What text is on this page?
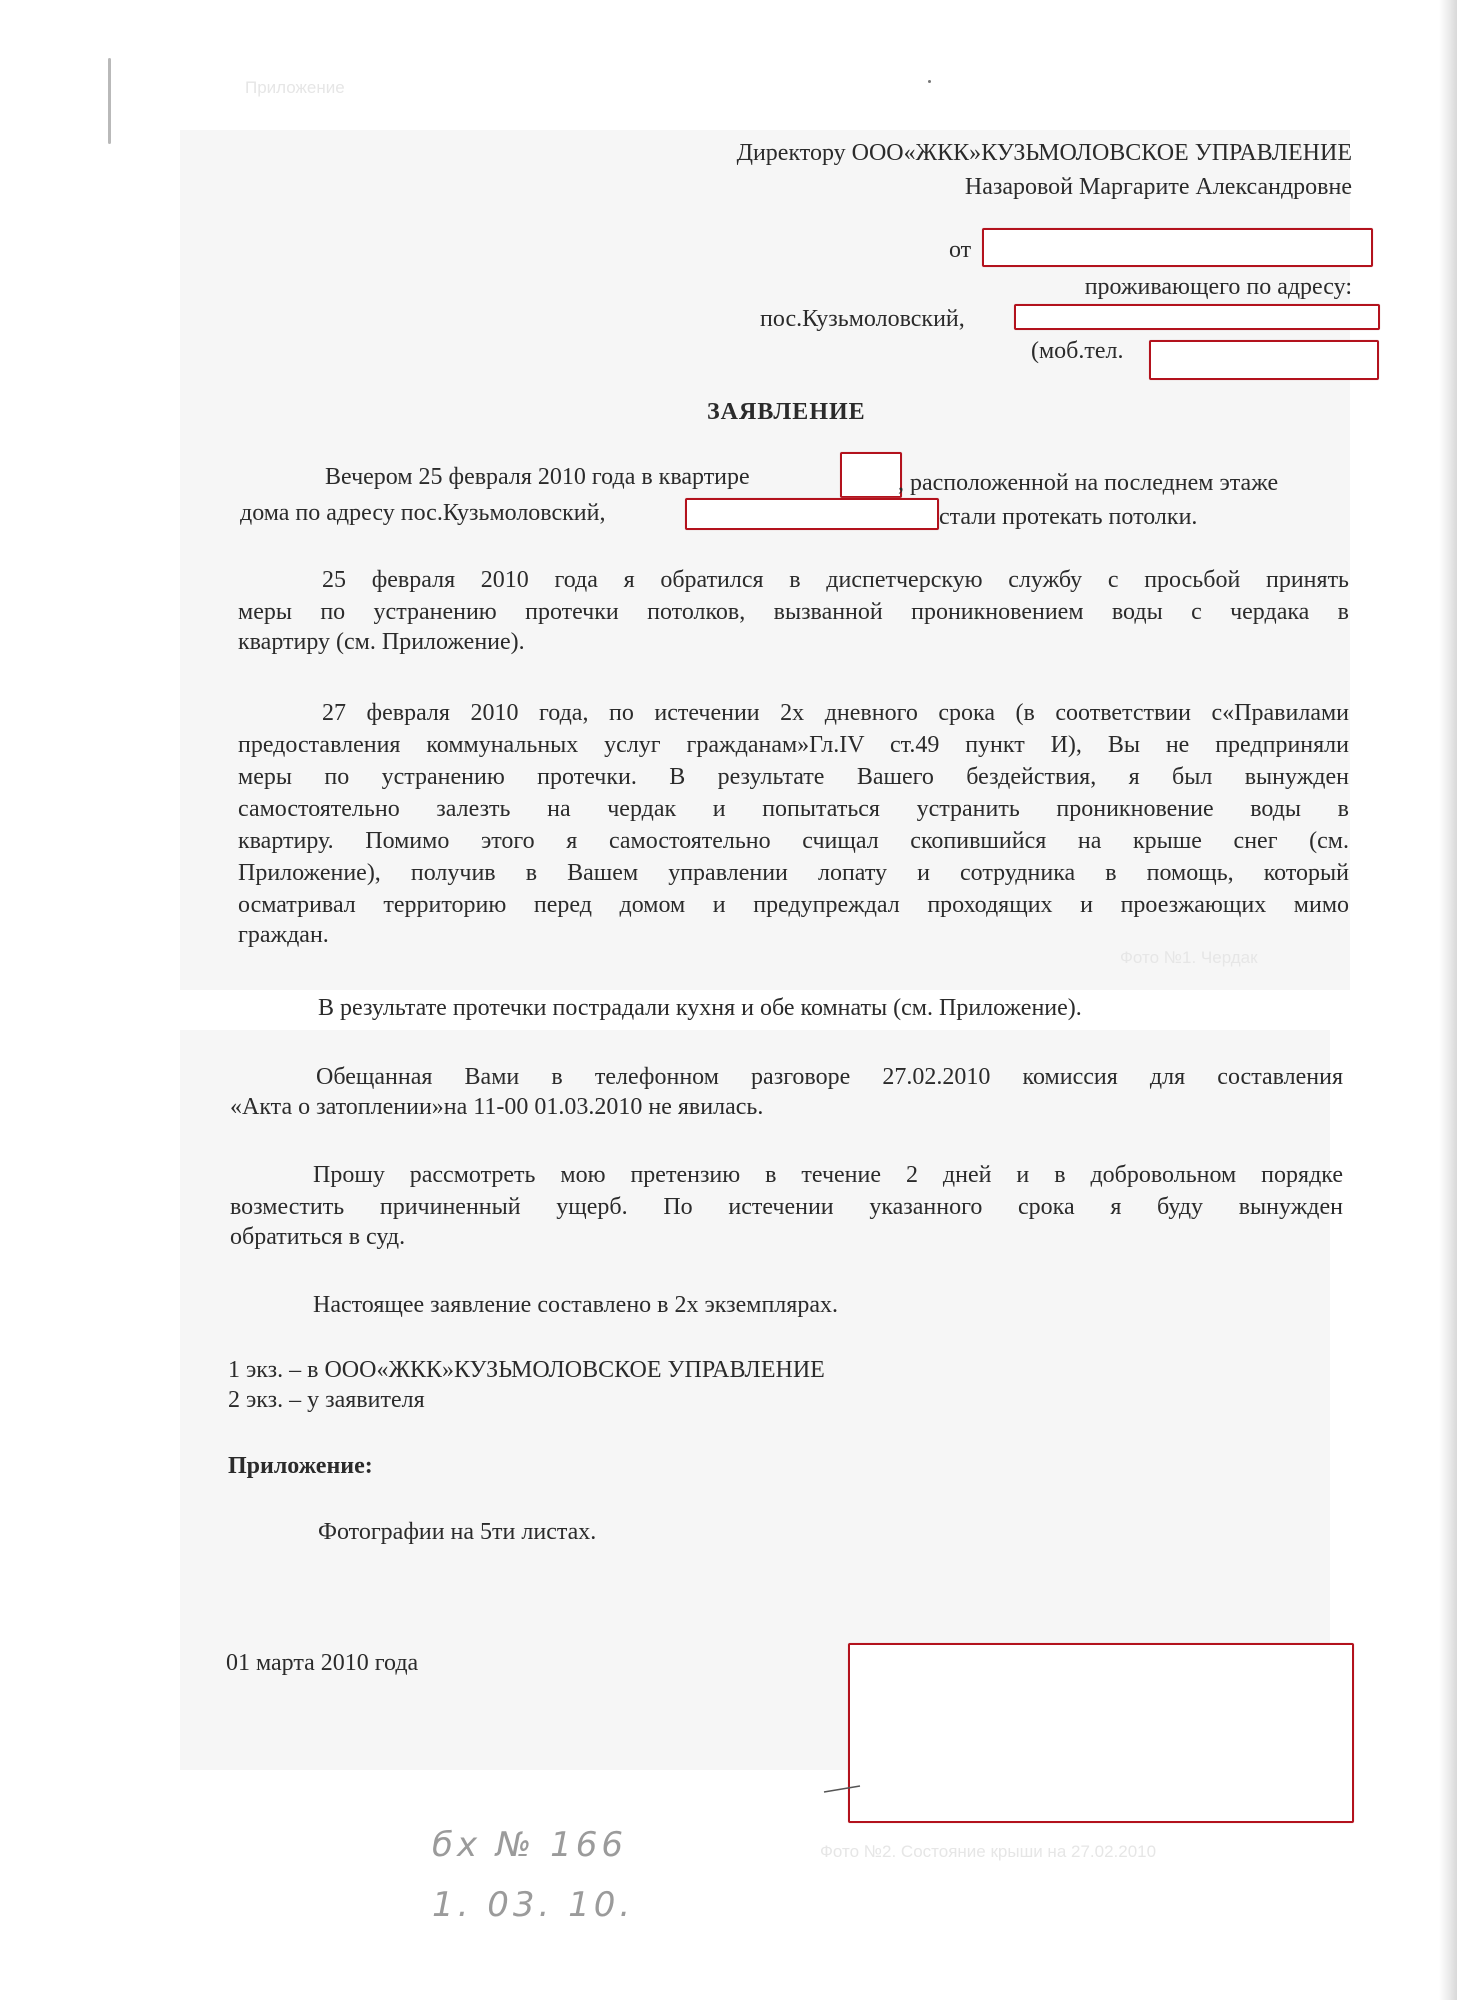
Приложение
Фото №1. Чердак
Фото №2. Состояние крыши на 27.02.2010
Директору ООО«ЖКК»КУЗЬМОЛОВСКОЕ УПРАВЛЕНИЕ
Назаровой Маргарите Александровне
от
проживающего по адресу:
пос.Кузьмоловский,
(моб.тел.
ЗАЯВЛЕНИЕ
Вечером 25 февраля 2010 года в квартире	, расположенной на последнем этаже
дома по адресу пос.Кузьмоловский,	стали протекать потолки.
25 февраля 2010 года я обратился в диспетчерскую службу с просьбой принять
меры по устранению протечки потолков, вызванной проникновением воды с чердака в
квартиру (см. Приложение).
27 февраля 2010 года, по истечении 2х дневного срока (в соответствии с«Правилами
предоставления коммунальных услуг гражданам»Гл.IV ст.49 пункт И), Вы не предприняли
меры по устранению протечки. В результате Вашего бездействия, я был вынужден
самостоятельно залезть на чердак и попытаться устранить проникновение воды в
квартиру. Помимо этого я самостоятельно счищал скопившийся на крыше снег (см.
Приложение), получив в Вашем управлении лопату и сотрудника в помощь, который
осматривал территорию перед домом и предупреждал проходящих и проезжающих мимо
граждан.
В результате протечки пострадали кухня и обе комнаты (см. Приложение).
Обещанная Вами в телефонном разговоре 27.02.2010 комиссия для составления
«Акта о затоплении»на 11-00 01.03.2010 не явилась.
Прошу рассмотреть мою претензию в течение 2 дней и в добровольном порядке
возместить причиненный ущерб. По истечении указанного срока я буду вынужден
обратиться в суд.
Настоящее заявление составлено в 2х экземплярах.
1 экз. – в ООО«ЖКК»КУЗЬМОЛОВСКОЕ УПРАВЛЕНИЕ
2 экз. – у заявителя
Приложение:
Фотографии на 5ти листах.
01 марта 2010 года
бх № 166
1. 03. 10.
